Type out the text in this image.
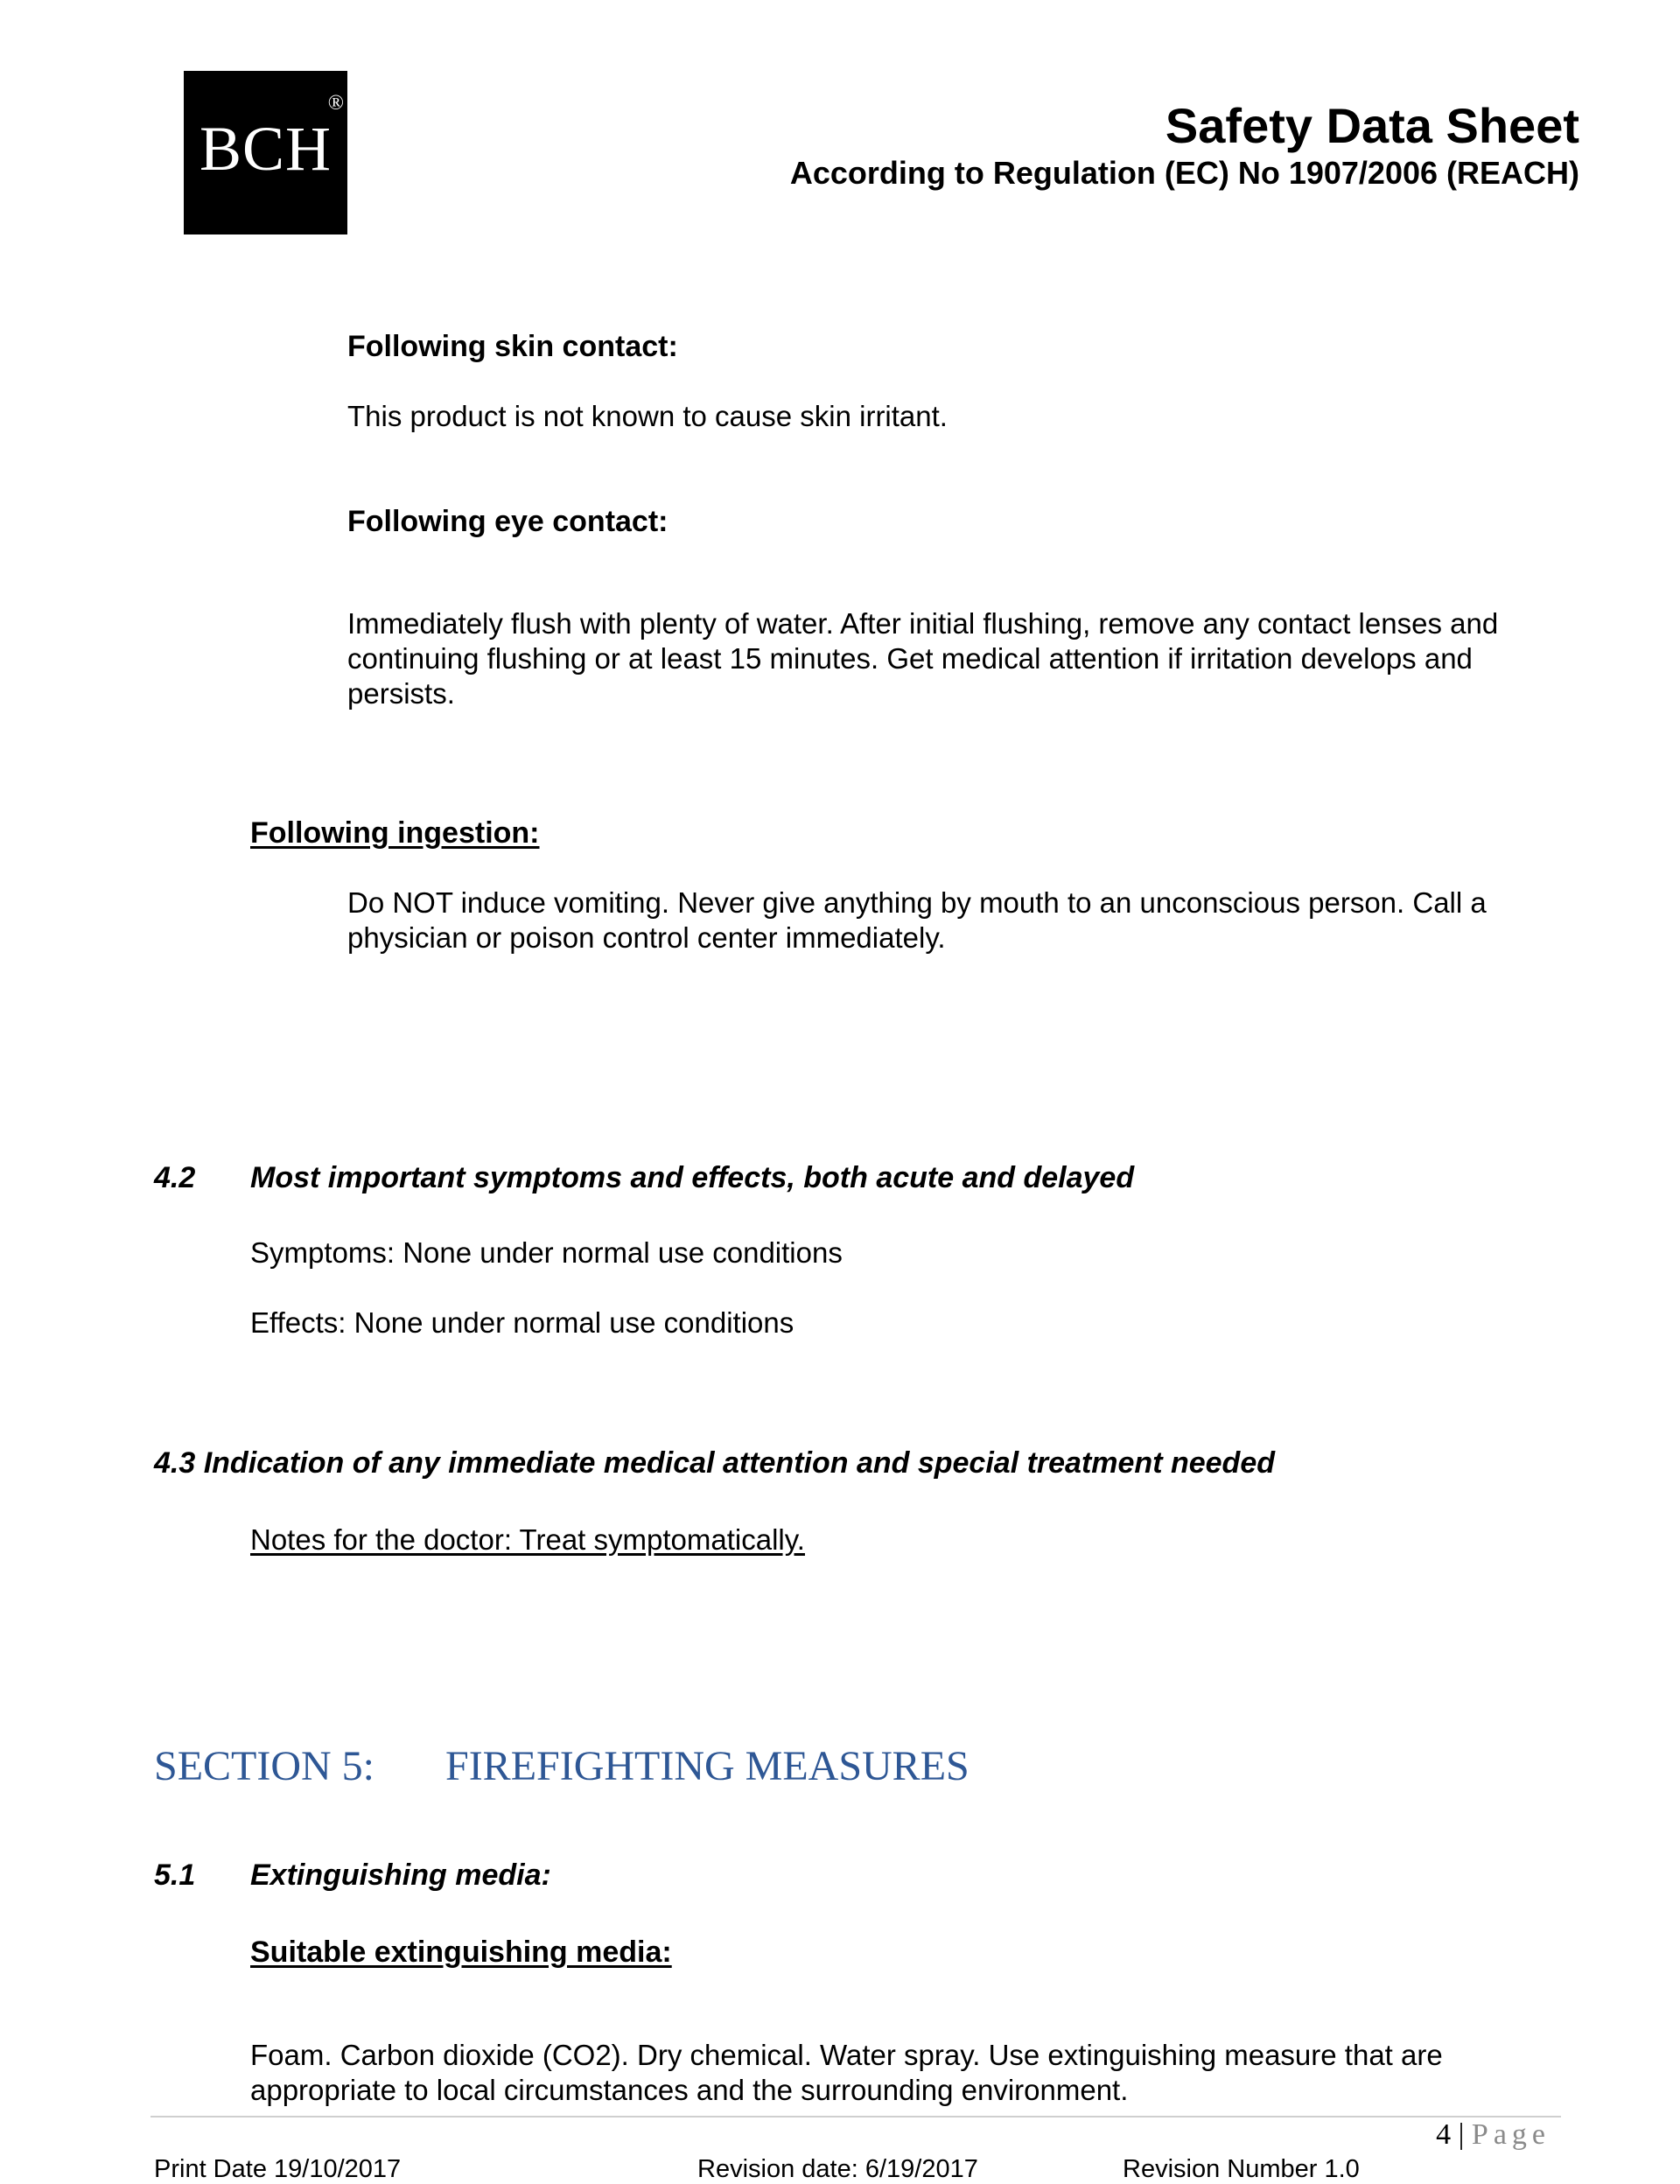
BCH
®	Safety Data Sheet
According to Regulation (EC) No 1907/2006 (REACH)
Following skin contact:
This product is not known to cause skin irritant.
Following eye contact:
Immediately flush with plenty of water. After initial flushing, remove any contact lenses and continuing flushing or at least 15 minutes. Get medical attention if irritation develops and persists.
Following ingestion:
Do NOT induce vomiting. Never give anything by mouth to an unconscious person. Call a physician or poison control center immediately.
4.2 Most important symptoms and effects, both acute and delayed
Symptoms: None under normal use conditions
Effects: None under normal use conditions
4.3 Indication of any immediate medical attention and special treatment needed
Notes for the doctor: Treat symptomatically.
SECTION 5: FIREFIGHTING MEASURES
5.1 Extinguishing media:
Suitable extinguishing media:
Foam. Carbon dioxide (CO2). Dry chemical. Water spray. Use extinguishing measure that are appropriate to local circumstances and the surrounding environment.
4 | Page
Print Date 19/10/2017	Revision date: 6/19/2017	Revision Number 1.0
